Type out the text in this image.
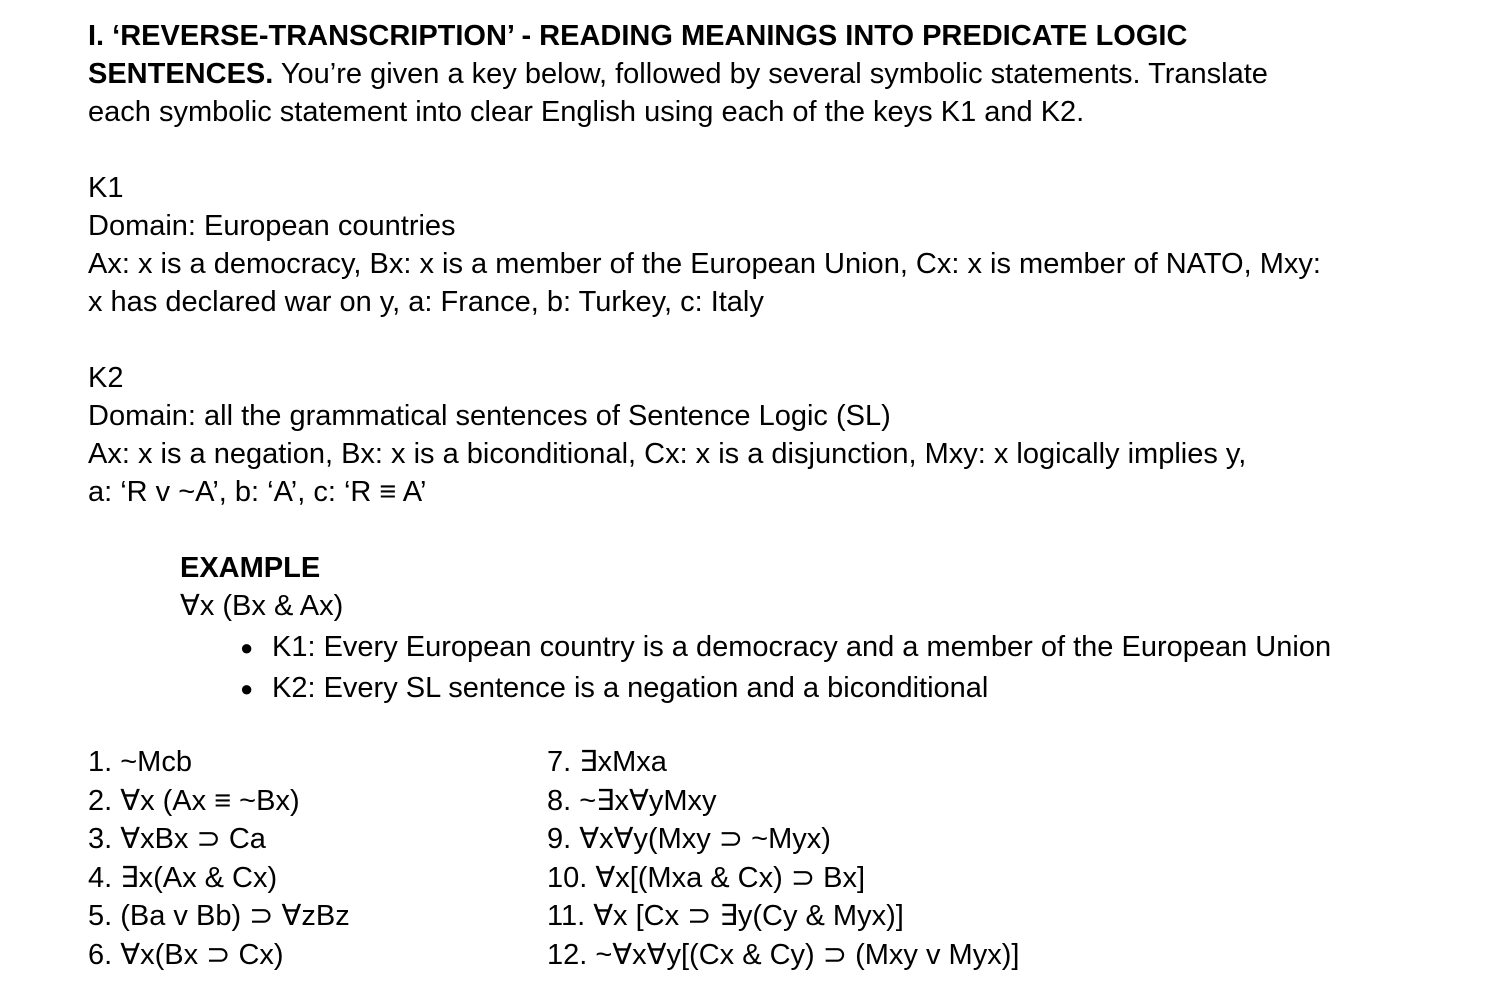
I. ‘REVERSE-TRANSCRIPTION’ - READING MEANINGS INTO PREDICATE LOGIC
SENTENCES. You’re given a key below, followed by several symbolic statements. Translate
each symbolic statement into clear English using each of the keys K1 and K2.
K1
Domain: European countries
Ax: x is a democracy, Bx: x is a member of the European Union, Cx: x is member of NATO, Mxy:
x has declared war on y, a: France, b: Turkey, c: Italy
K2
Domain: all the grammatical sentences of Sentence Logic (SL)
Ax: x is a negation, Bx: x is a biconditional, Cx: x is a disjunction, Mxy: x logically implies y,
a: ‘R v ~A’, b: ‘A’, c: ‘R ≡ A’
EXAMPLE
∀x (Bx & Ax)
● K1: Every European country is a democracy and a member of the European Union
● K2: Every SL sentence is a negation and a biconditional
1. ~Mcb
2. ∀x (Ax ≡ ~Bx)
3. ∀xBx ⊃ Ca
4. ∃x(Ax & Cx)
5. (Ba v Bb) ⊃ ∀zBz
6. ∀x(Bx ⊃ Cx)
7. ∃xMxa
8. ~∃x∀yMxy
9. ∀x∀y(Mxy ⊃ ~Myx)
10. ∀x[(Mxa & Cx) ⊃ Bx]
11. ∀x [Cx ⊃ ∃y(Cy & Myx)]
12. ~∀x∀y[(Cx & Cy) ⊃ (Mxy v Myx)]
